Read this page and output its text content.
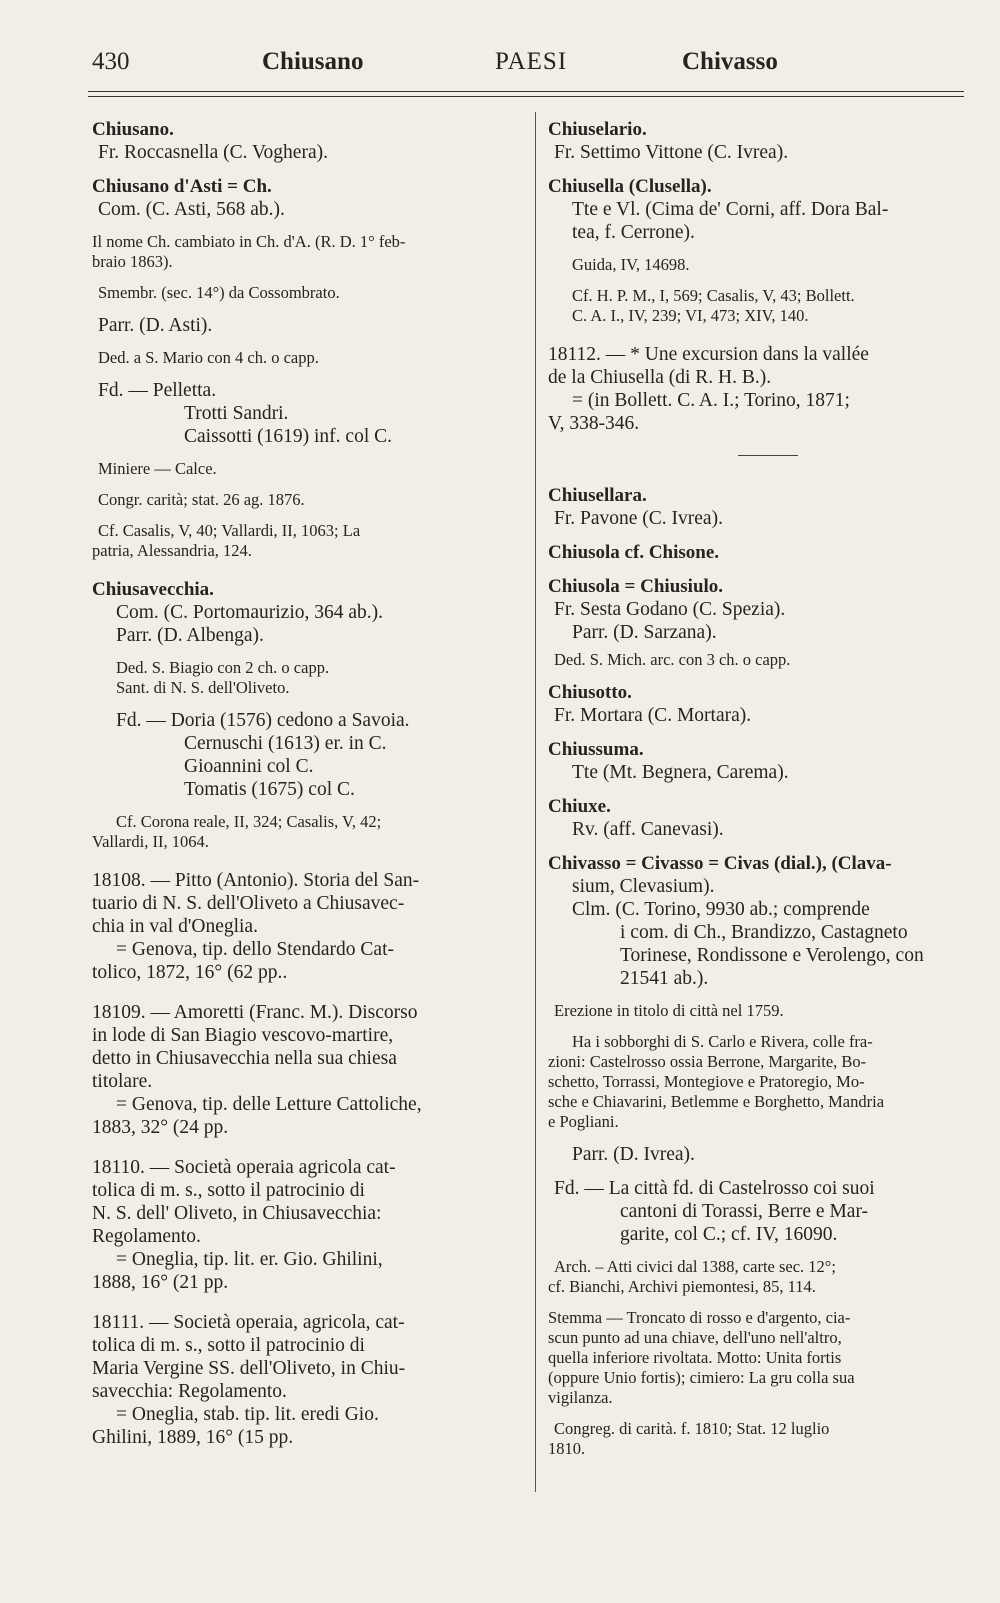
430	Chiusano	PAESI	Chivasso

Chiusano.

Fr. Roccasnella (C. Voghera).

Chiusano d'Asti = Ch.

Com. (C. Asti, 568 ab.).

Il nome Ch. cambiato in Ch. d'A. (R. D. 1° feb-

braio 1863).

Smembr. (sec. 14°) da Cossombrato.

Parr. (D. Asti).

Ded. a S. Mario con 4 ch. o capp.

Fd. — Pelletta.

Trotti Sandri.

Caissotti (1619) inf. col C.

Miniere — Calce.

Congr. carità; stat. 26 ag. 1876.

Cf. Casalis, V, 40; Vallardi, II, 1063; La

patria, Alessandria, 124.

Chiusavecchia.

Com. (C. Portomaurizio, 364 ab.).

Parr. (D. Albenga).

Ded. S. Biagio con 2 ch. o capp.

Sant. di N. S. dell'Oliveto.

Fd. — Doria (1576) cedono a Savoia.

Cernuschi (1613) er. in C.

Gioannini col C.

Tomatis (1675) col C.

Cf. Corona reale, II, 324; Casalis, V, 42;

Vallardi, II, 1064.

18108. — Pitto (Antonio). Storia del San-

tuario di N. S. dell'Oliveto a Chiusavec-

chia in val d'Oneglia.

= Genova, tip. dello Stendardo Cat-

tolico, 1872, 16° (62 pp..

18109. — Amoretti (Franc. M.). Discorso

in lode di San Biagio vescovo-martire,

detto in Chiusavecchia nella sua chiesa

titolare.

= Genova, tip. delle Letture Cattoliche,

1883, 32° (24 pp.

18110. — Società operaia agricola cat-

tolica di m. s., sotto il patrocinio di

N. S. dell' Oliveto, in Chiusavecchia:

Regolamento.

= Oneglia, tip. lit. er. Gio. Ghilini,

1888, 16° (21 pp.

18111. — Società operaia, agricola, cat-

tolica di m. s., sotto il patrocinio di

Maria Vergine SS. dell'Oliveto, in Chiu-

savecchia: Regolamento.

= Oneglia, stab. tip. lit. eredi Gio.

Ghilini, 1889, 16° (15 pp.

Chiuselario.

Fr. Settimo Vittone (C. Ivrea).

Chiusella (Clusella).

Tte e Vl. (Cima de' Corni, aff. Dora Bal-

tea, f. Cerrone).

Guida, IV, 14698.

Cf. H. P. M., I, 569; Casalis, V, 43; Bollett.

C. A. I., IV, 239; VI, 473; XIV, 140.

18112. — * Une excursion dans la vallée

de la Chiusella (di R. H. B.).

= (in Bollett. C. A. I.; Torino, 1871;

V, 338-346.

Chiusellara.

Fr. Pavone (C. Ivrea).

Chiusola cf. Chisone.

Chiusola = Chiusiulo.

Fr. Sesta Godano (C. Spezia).

Parr. (D. Sarzana).

Ded. S. Mich. arc. con 3 ch. o capp.

Chiusotto.

Fr. Mortara (C. Mortara).

Chiussuma.

Tte (Mt. Begnera, Carema).

Chiuxe.

Rv. (aff. Canevasi).

Chivasso = Civasso = Civas (dial.), (Clava-

sium, Clevasium).

Clm. (C. Torino, 9930 ab.; comprende

i com. di Ch., Brandizzo, Castagneto

Torinese, Rondissone e Verolengo, con

21541 ab.).

Erezione in titolo di città nel 1759.

Ha i sobborghi di S. Carlo e Rivera, colle fra-

zioni: Castelrosso ossia Berrone, Margarite, Bo-

schetto, Torrassi, Montegiove e Pratoregio, Mo-

sche e Chiavarini, Betlemme e Borghetto, Mandria

e Pogliani.

Parr. (D. Ivrea).

Fd. — La città fd. di Castelrosso coi suoi

cantoni di Torassi, Berre e Mar-

garite, col C.; cf. IV, 16090.

Arch. – Atti civici dal 1388, carte sec. 12°;

cf. Bianchi, Archivi piemontesi, 85, 114.

Stemma — Troncato di rosso e d'argento, cia-

scun punto ad una chiave, dell'uno nell'altro,

quella inferiore rivoltata. Motto: Unita fortis

(oppure Unio fortis); cimiero: La gru colla sua

vigilanza.

Congreg. di carità. f. 1810; Stat. 12 luglio

1810.
